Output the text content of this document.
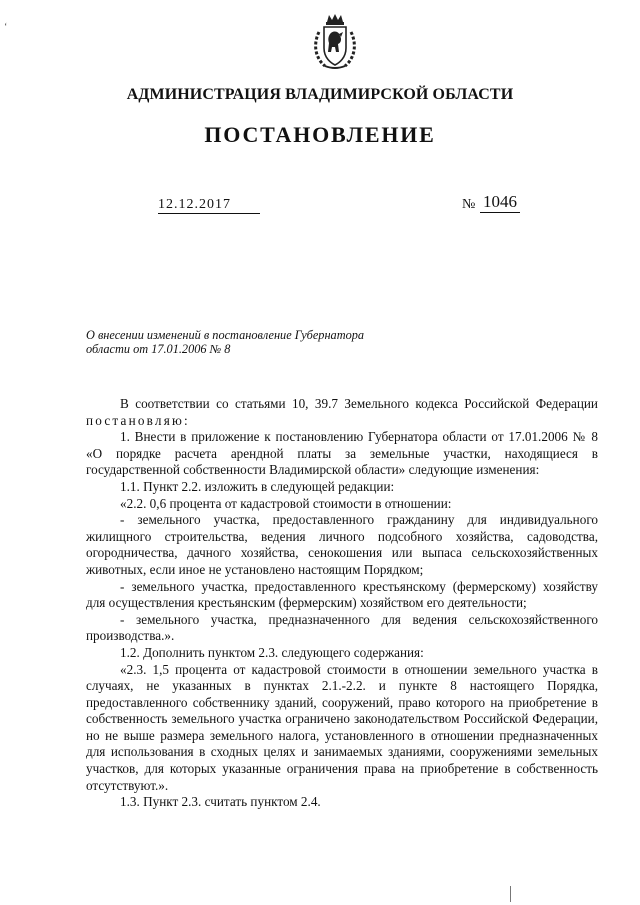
‘
АДМИНИСТРАЦИЯ ВЛАДИМИРСКОЙ ОБЛАСТИ
ПОСТАНОВЛЕНИЕ
12.12.2017	№ 1046
О внесении изменений в постановление Губернатора
области от 17.01.2006 № 8

В соответствии со статьями 10, 39.7 Земельного кодекса Российской Федерации постановляю:

1. Внести в приложение к постановлению Губернатора области от 17.01.2006 № 8 «О порядке расчета арендной платы за земельные участки, находящиеся в государственной собственности Владимирской области» следующие изменения:

1.1. Пункт 2.2. изложить в следующей редакции:

«2.2. 0,6 процента от кадастровой стоимости в отношении:

- земельного участка, предоставленного гражданину для индивидуального жилищного строительства, ведения личного подсобного хозяйства, садоводства, огородничества, дачного хозяйства, сенокошения или выпаса сельскохозяйственных животных, если иное не установлено настоящим Порядком;

- земельного участка, предоставленного крестьянскому (фермерскому) хозяйству для осуществления крестьянским (фермерским) хозяйством его деятельности;

- земельного участка, предназначенного для ведения сельскохозяйственного производства.».

1.2. Дополнить пунктом 2.3. следующего содержания:

«2.3. 1,5 процента от кадастровой стоимости в отношении земельного участка в случаях, не указанных в пунктах 2.1.-2.2. и пункте 8 настоящего Порядка, предоставленного собственнику зданий, сооружений, право которого на приобретение в собственность земельного участка ограничено законодательством Российской Федерации, но не выше размера земельного налога, установленного в отношении предназначенных для использования в сходных целях и занимаемых зданиями, сооружениями земельных участков, для которых указанные ограничения права на приобретение в собственность отсутствуют.».

1.3. Пункт 2.3. считать пунктом 2.4.
